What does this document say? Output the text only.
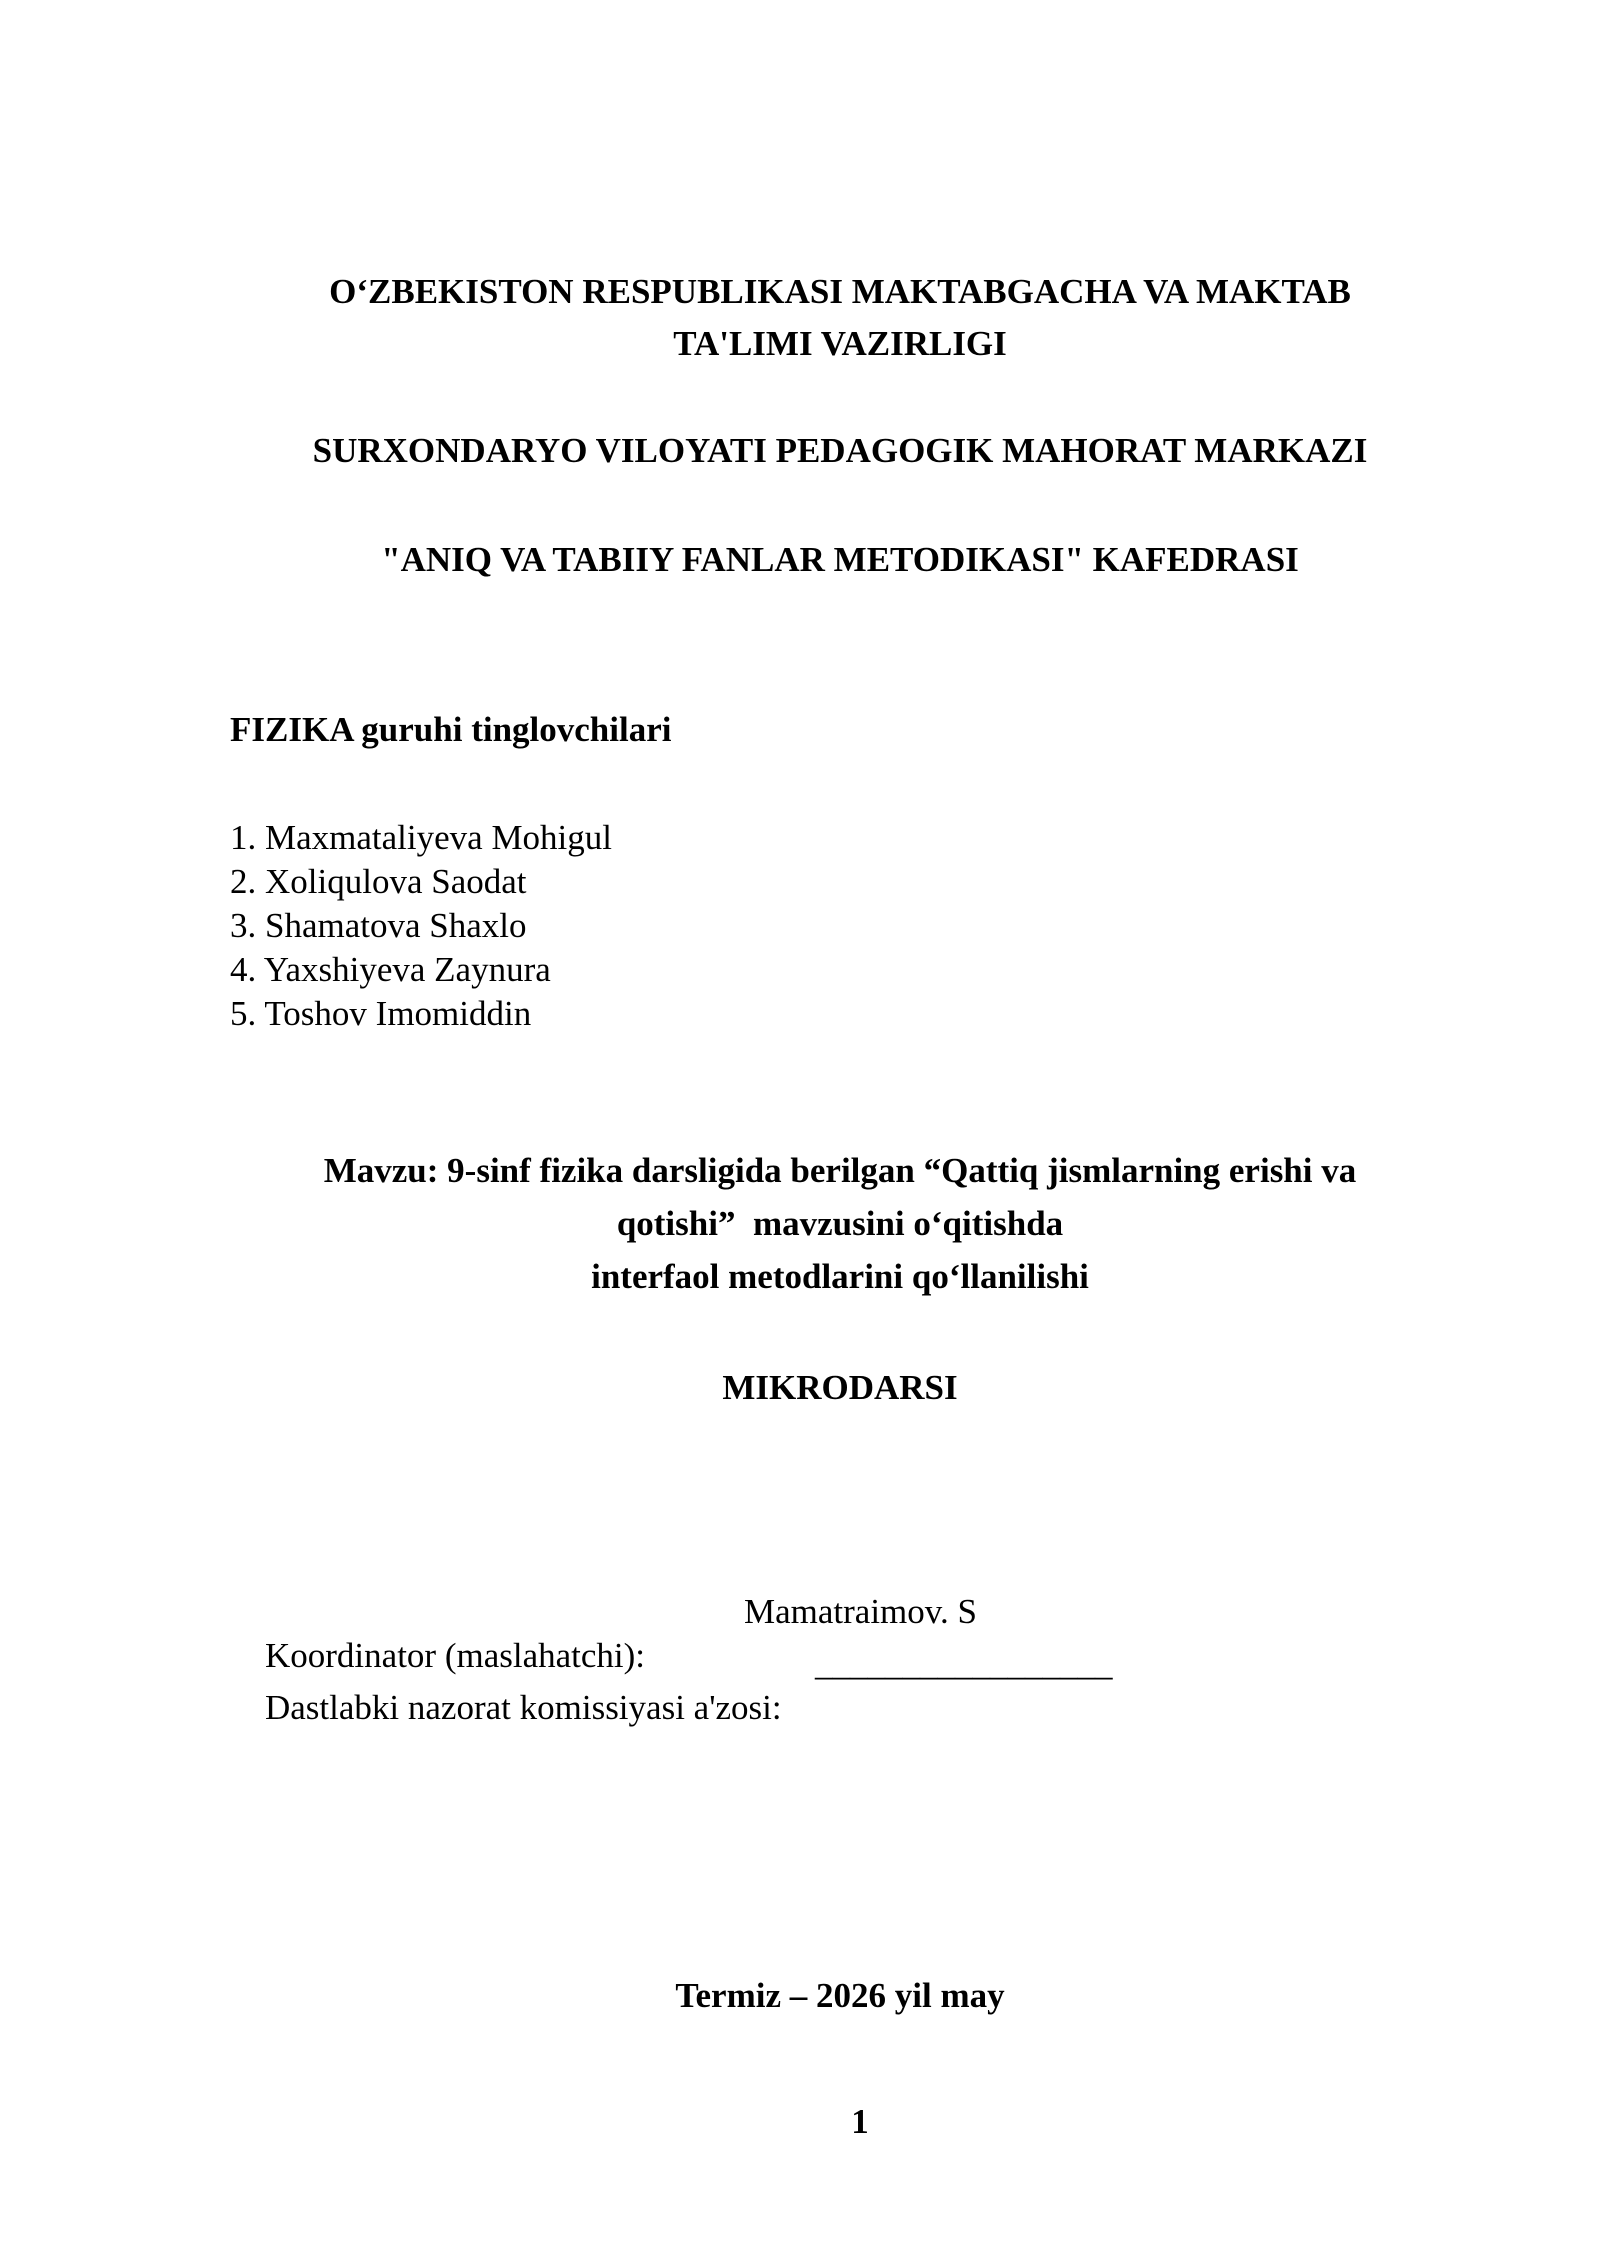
O‘ZBEKISTON RESPUBLIKASI MAKTABGACHA VA MAKTAB
TA'LIMI VAZIRLIGI
SURXONDARYO VILOYATI PEDAGOGIK MAHORAT MARKAZI
"ANIQ VA TABIIY FANLAR METODIKASI" KAFEDRASI
FIZIKA guruhi tinglovchilari
1. Maxmataliyeva Mohigul
2. Xoliqulova Saodat
3. Shamatova Shaxlo
4. Yaxshiyeva Zaynura
5. Toshov Imomiddin
Mavzu: 9-sinf fizika darsligida berilgan “Qattiq jismlarning erishi va
qotishi”  mavzusini o‘qitishda
interfaol metodlarini qo‘llanilishi
MIKRODARSI

Koordinator (maslahatchi):

Mamatraimov. S

Dastlabki nazorat komissiyasi a'zosi:

_________________

Termiz – 2026 yil may
1
